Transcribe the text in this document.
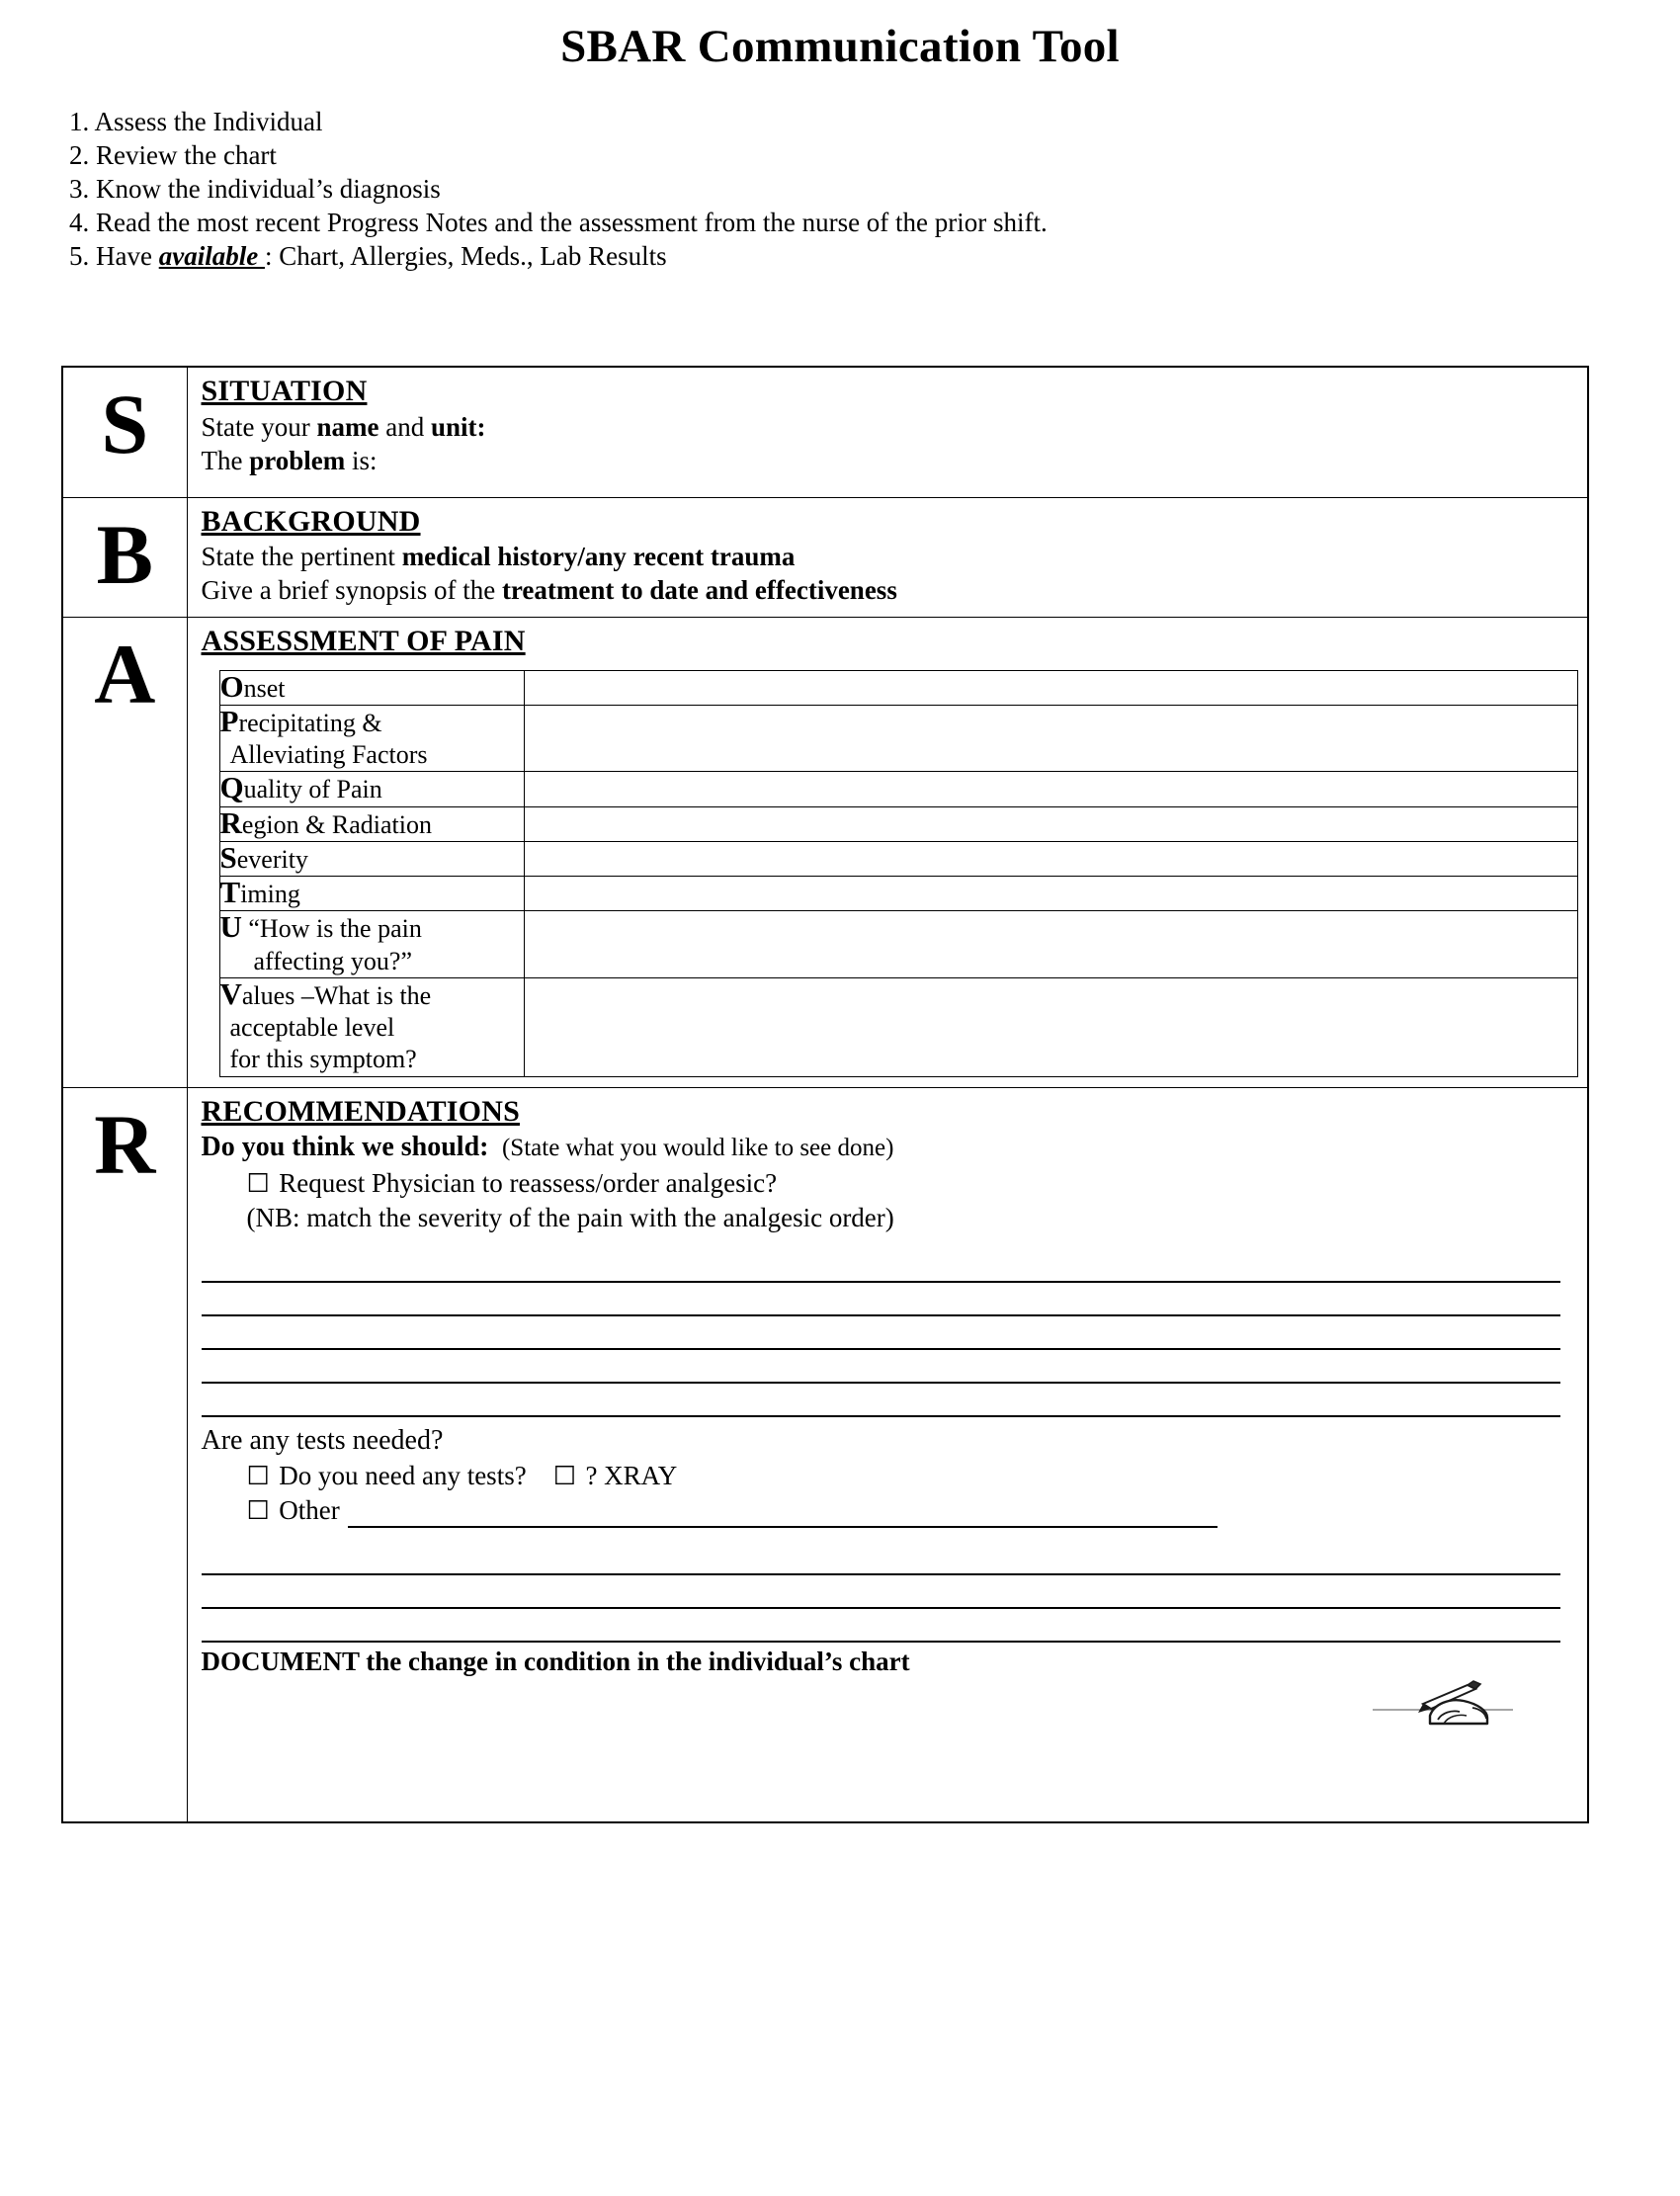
SBAR Communication Tool
1. Assess the Individual
2. Review the chart
3. Know the individual’s diagnosis
4. Read the most recent Progress Notes and the assessment from the nurse of the prior shift.
5. Have available : Chart, Allergies, Meds., Lab Results
S	SITUATION
State your name and unit:
The problem is:

B	BACKGROUND
State the pertinent medical history/any recent trauma
Give a brief synopsis of the treatment to date and effectiveness

A	ASSESSMENT OF PAIN
Onset	

Precipitating &
Alleviating Factors	
Quality of Pain	
Region & Radiation	
Severity	
Timing	

U “How is the pain
affecting you?”	

Values –What is the
acceptable levelfor this symptom?	

R	RECOMMENDATIONS
Do you think we should: (State what you would like to see done)
☐ Request Physician to reassess/order analgesic?
(NB: match the severity of the pain with the analgesic order)
Are any tests needed?
☐ Do you need any tests? ☐ ? XRAY
☐ Other
DOCUMENT the change in condition in the individual’s chart
